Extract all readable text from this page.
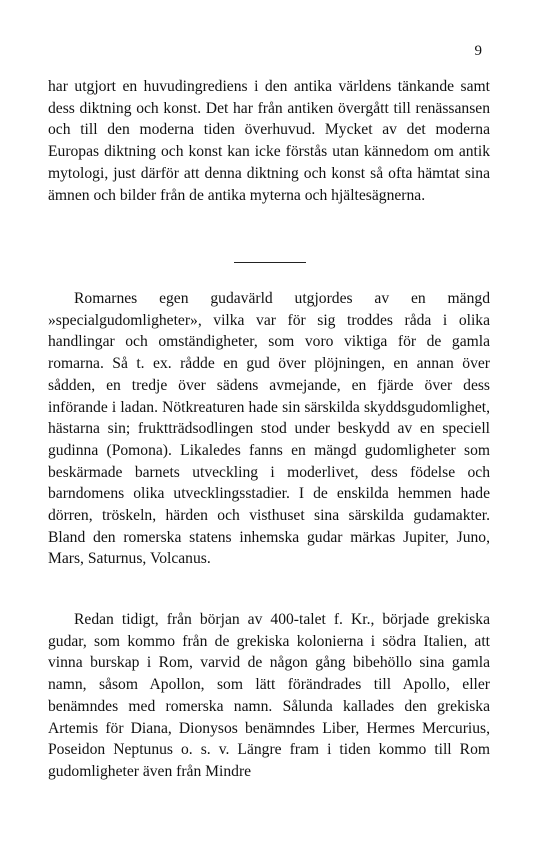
9

har utgjort en huvudingrediens i den antika världens tänkande samt dess diktning och konst. Det har från antiken övergått till renässansen och till den moderna tiden överhuvud. Mycket av det moderna Europas diktning och konst kan icke förstås utan kännedom om antik mytologi, just därför att denna diktning och konst så ofta hämtat sina ämnen och bilder från de antika myterna och hjältesägnerna.

Romarnes egen gudavärld utgjordes av en mängd »specialgudomligheter», vilka var för sig troddes råda i olika handlingar och omständigheter, som voro viktiga för de gamla romarna. Så t. ex. rådde en gud över plöjningen, en annan över sådden, en tredje över sädens avmejande, en fjärde över dess införande i ladan. Nötkreaturen hade sin särskilda skyddsgudomlighet, hästarna sin; fruktträdsodlingen stod under beskydd av en speciell gudinna (Pomona). Likaledes fanns en mängd gudomligheter som beskärmade barnets utveckling i moderlivet, dess födelse och barndomens olika utvecklingsstadier. I de enskilda hemmen hade dörren, tröskeln, härden och visthuset sina särskilda gudamakter. Bland den romerska statens inhemska gudar märkas Jupiter, Juno, Mars, Saturnus, Volcanus.

Redan tidigt, från början av 400-talet f. Kr., började grekiska gudar, som kommo från de grekiska kolonierna i södra Italien, att vinna burskap i Rom, varvid de någon gång bibehöllo sina gamla namn, såsom Apollon, som lätt förändrades till Apollo, eller benämndes med romerska namn. Sålunda kallades den grekiska Artemis för Diana, Dionysos benämndes Liber, Hermes Mercurius, Poseidon Neptunus o. s. v. Längre fram i tiden kommo till Rom gudomligheter även från Mindre
